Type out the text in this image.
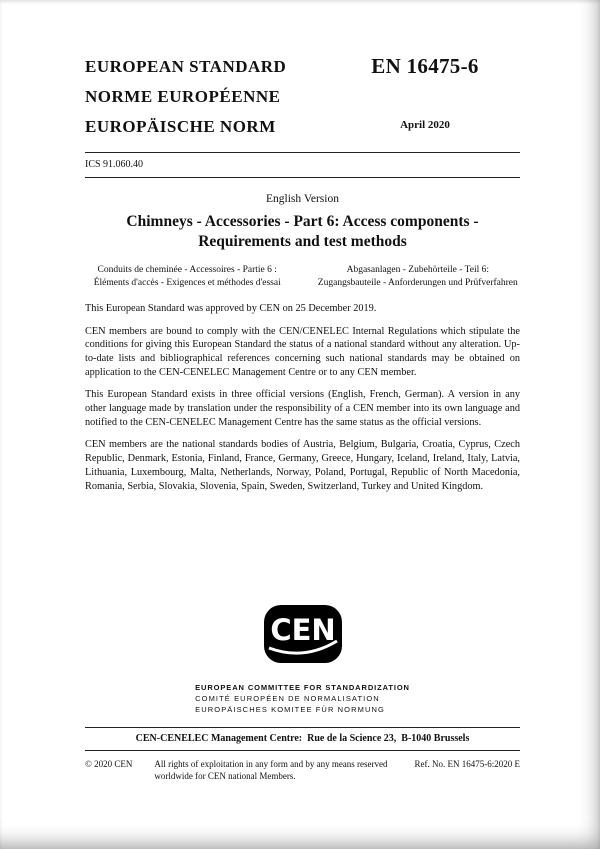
EUROPEAN STANDARD
NORME EUROPÉENNE
EUROPÄISCHE NORM
EN 16475-6
April 2020
ICS 91.060.40
English Version
Chimneys - Accessories - Part 6: Access components - Requirements and test methods
Conduits de cheminée - Accessoires - Partie 6 : Éléments d'accès - Exigences et méthodes d'essai
Abgasanlagen - Zubehörteile - Teil 6: Zugangsbauteile - Anforderungen und Prüfverfahren

This European Standard was approved by CEN on 25 December 2019.

CEN members are bound to comply with the CEN/CENELEC Internal Regulations which stipulate the conditions for giving this European Standard the status of a national standard without any alteration. Up-to-date lists and bibliographical references concerning such national standards may be obtained on application to the CEN-CENELEC Management Centre or to any CEN member.

This European Standard exists in three official versions (English, French, German). A version in any other language made by translation under the responsibility of a CEN member into its own language and notified to the CEN-CENELEC Management Centre has the same status as the official versions.

CEN members are the national standards bodies of Austria, Belgium, Bulgaria, Croatia, Cyprus, Czech Republic, Denmark, Estonia, Finland, France, Germany, Greece, Hungary, Iceland, Ireland, Italy, Latvia, Lithuania, Luxembourg, Malta, Netherlands, Norway, Poland, Portugal, Republic of North Macedonia, Romania, Serbia, Slovakia, Slovenia, Spain, Sweden, Switzerland, Turkey and United Kingdom.

CEN

EUROPEAN COMMITTEE FOR STANDARDIZATION
COMITÉ EUROPÉEN DE NORMALISATION
EUROPÄISCHES KOMITEE FÜR NORMUNG
CEN-CENELEC Management Centre:  Rue de la Science 23,  B-1040 Brussels
© 2020 CEN All rights of exploitation in any form and by any means reserved worldwide for CEN national Members.
Ref. No. EN 16475-6:2020 E
